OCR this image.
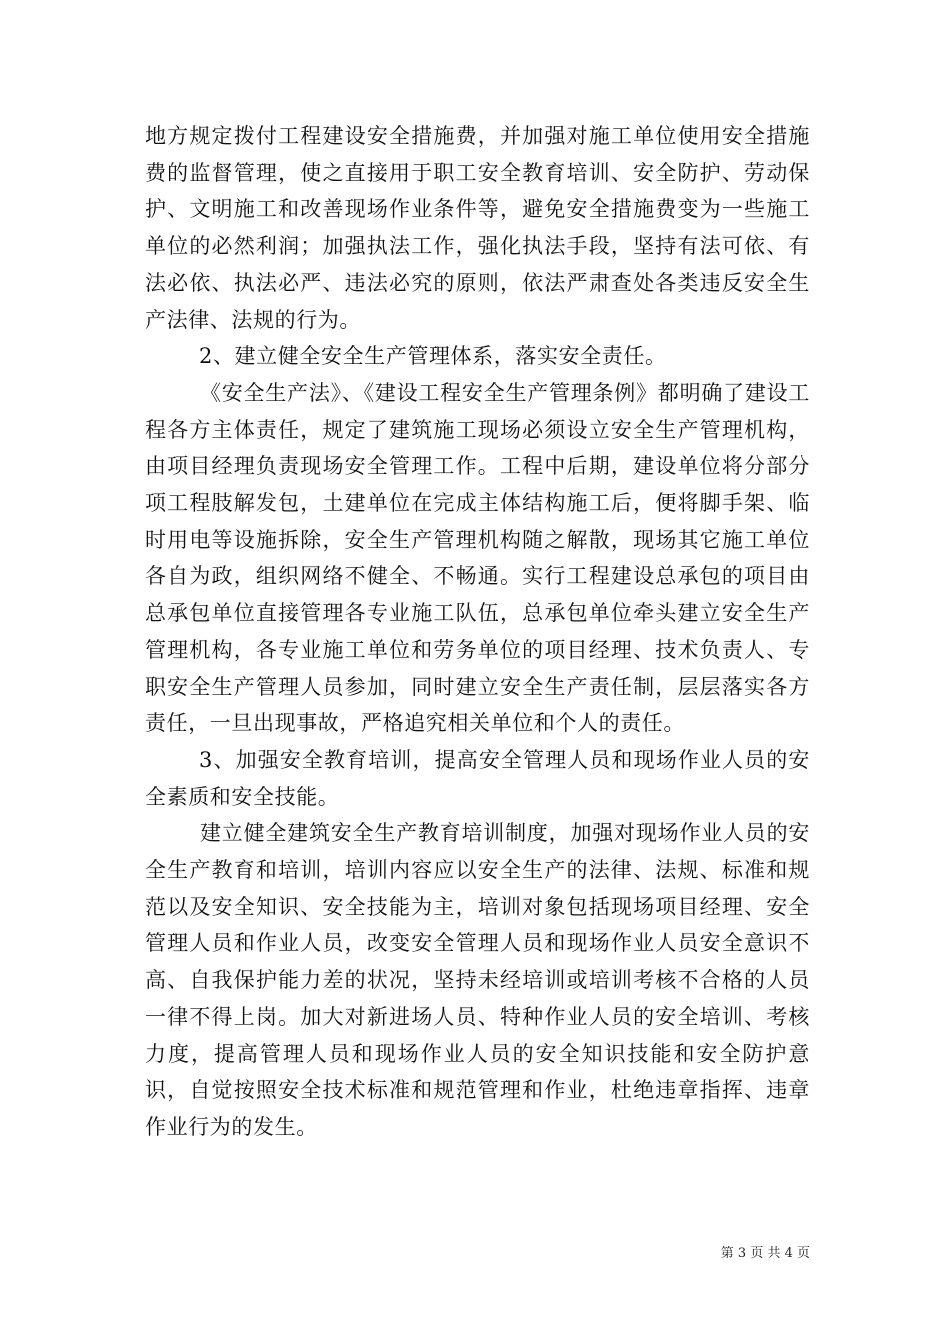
地方规定拨付工程建设安全措施费，并加强对施工单位使用安全措施费的监督管理，使之直接用于职工安全教育培训、安全防护、劳动保护、文明施工和改善现场作业条件等，避免安全措施费变为一些施工单位的必然利润；加强执法工作，强化执法手段，坚持有法可依、有法必依、执法必严、违法必究的原则，依法严肃查处各类违反安全生产法律、法规的行为。

2、建立健全安全生产管理体系，落实安全责任。

《安全生产法》、《建设工程安全生产管理条例》都明确了建设工程各方主体责任，规定了建筑施工现场必须设立安全生产管理机构，由项目经理负责现场安全管理工作。工程中后期，建设单位将分部分项工程肢解发包，土建单位在完成主体结构施工后，便将脚手架、临时用电等设施拆除，安全生产管理机构随之解散，现场其它施工单位各自为政，组织网络不健全、不畅通。实行工程建设总承包的项目由总承包单位直接管理各专业施工队伍，总承包单位牵头建立安全生产管理机构，各专业施工单位和劳务单位的项目经理、技术负责人、专职安全生产管理人员参加，同时建立安全生产责任制，层层落实各方责任，一旦出现事故，严格追究相关单位和个人的责任。

3、加强安全教育培训，提高安全管理人员和现场作业人员的安全素质和安全技能。

建立健全建筑安全生产教育培训制度，加强对现场作业人员的安全生产教育和培训，培训内容应以安全生产的法律、法规、标准和规范以及安全知识、安全技能为主，培训对象包括现场项目经理、安全管理人员和作业人员，改变安全管理人员和现场作业人员安全意识不高、自我保护能力差的状况，坚持未经培训或培训考核不合格的人员一律不得上岗。加大对新进场人员、特种作业人员的安全培训、考核力度，提高管理人员和现场作业人员的安全知识技能和安全防护意识，自觉按照安全技术标准和规范管理和作业，杜绝违章指挥、违章作业行为的发生。

第 3 页 共 4 页
